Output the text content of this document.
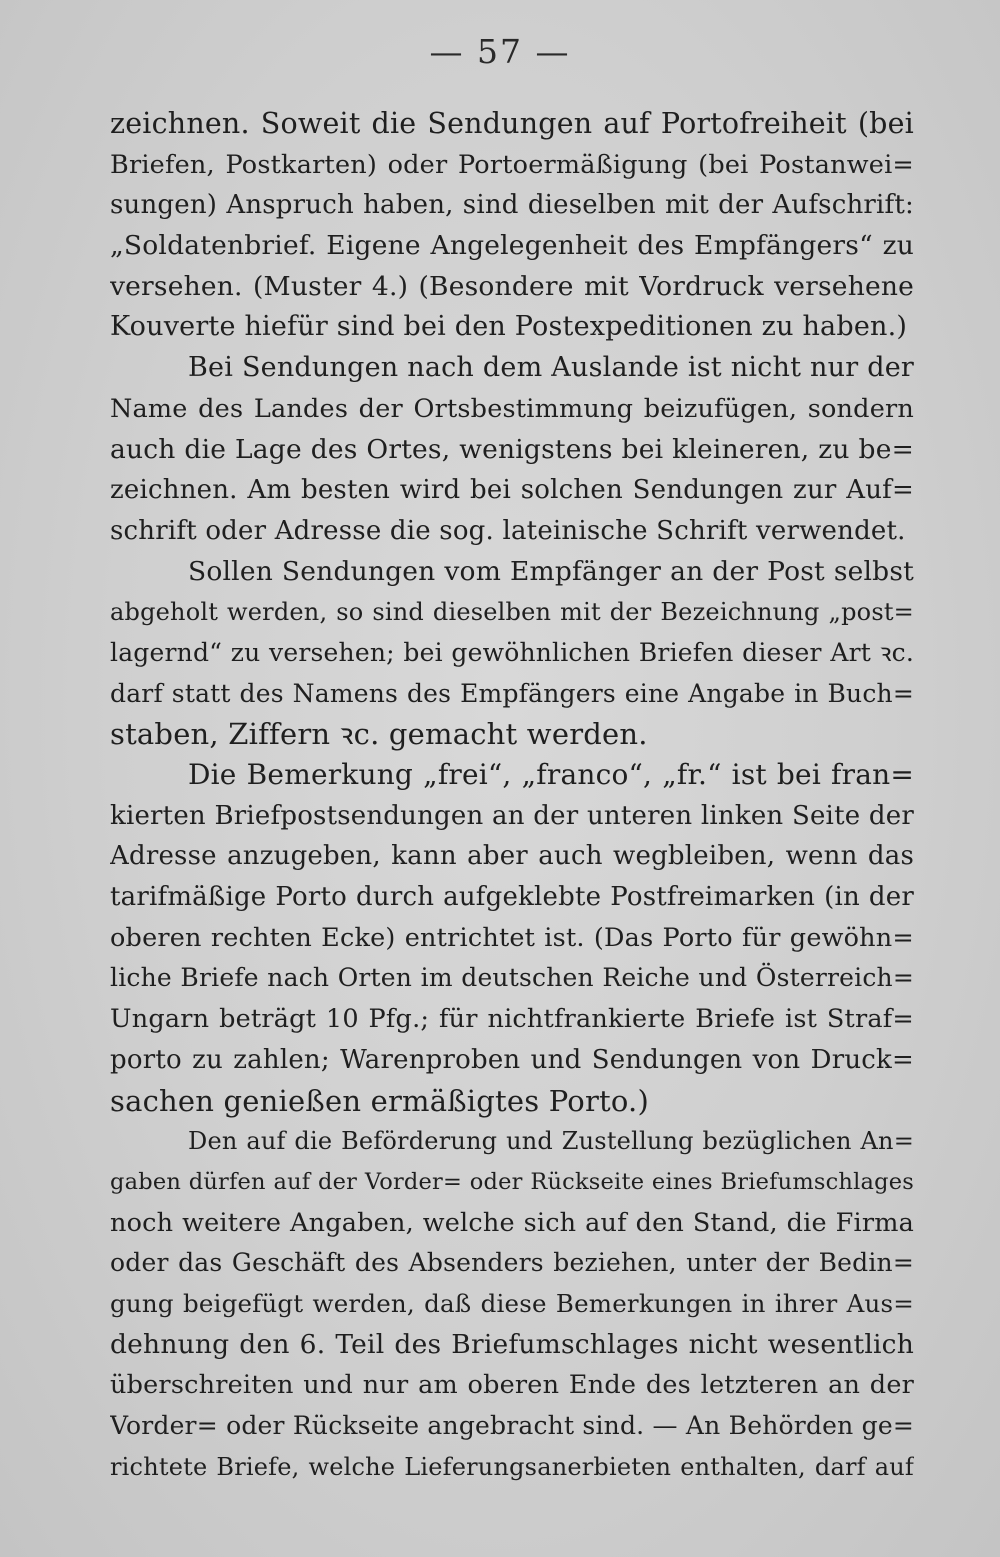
— 57 —
zeichnen. Soweit die Sendungen auf Portofreiheit (bei
Briefen, Postkarten) oder Portoermäßigung (bei Postanwei=
sungen) Anspruch haben, sind dieselben mit der Aufschrift:
„Soldatenbrief. Eigene Angelegenheit des Empfängers“ zu
versehen. (Muster 4.) (Besondere mit Vordruck versehene
Kouverte hiefür sind bei den Postexpeditionen zu haben.)
Bei Sendungen nach dem Auslande ist nicht nur der
Name des Landes der Ortsbestimmung beizufügen, sondern
auch die Lage des Ortes, wenigstens bei kleineren, zu be=
zeichnen. Am besten wird bei solchen Sendungen zur Auf=
schrift oder Adresse die sog. lateinische Schrift verwendet.
Sollen Sendungen vom Empfänger an der Post selbst
abgeholt werden, so sind dieselben mit der Bezeichnung „post=
lagernd“ zu versehen; bei gewöhnlichen Briefen dieser Art ꝛc.
darf statt des Namens des Empfängers eine Angabe in Buch=
staben, Ziffern ꝛc. gemacht werden.
Die Bemerkung „frei“, „franco“, „fr.“ ist bei fran=
kierten Briefpostsendungen an der unteren linken Seite der
Adresse anzugeben, kann aber auch wegbleiben, wenn das
tarifmäßige Porto durch aufgeklebte Postfreimarken (in der
oberen rechten Ecke) entrichtet ist. (Das Porto für gewöhn=
liche Briefe nach Orten im deutschen Reiche und Österreich=
Ungarn beträgt 10 Pfg.; für nichtfrankierte Briefe ist Straf=
porto zu zahlen; Warenproben und Sendungen von Druck=
sachen genießen ermäßigtes Porto.)
Den auf die Beförderung und Zustellung bezüglichen An=
gaben dürfen auf der Vorder= oder Rückseite eines Briefumschlages
noch weitere Angaben, welche sich auf den Stand, die Firma
oder das Geschäft des Absenders beziehen, unter der Bedin=
gung beigefügt werden, daß diese Bemerkungen in ihrer Aus=
dehnung den 6. Teil des Briefumschlages nicht wesentlich
überschreiten und nur am oberen Ende des letzteren an der
Vorder= oder Rückseite angebracht sind. — An Behörden ge=
richtete Briefe, welche Lieferungsanerbieten enthalten, darf auf
